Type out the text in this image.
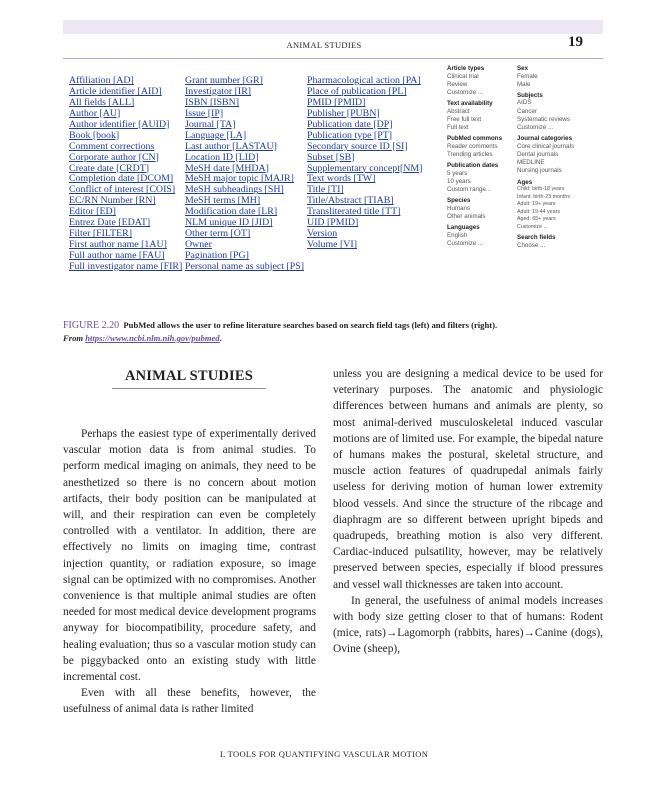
ANIMAL STUDIES	19
Affiliation [AD]	Grant number [GR]	Pharmacological action [PA]
Article identifier [AID]	Investigator [IR]	Place of publication [PL]
All fields [ALL]	ISBN [ISBN]	PMID [PMID]
Author [AU]	Issue [IP]	Publisher [PUBN]
Author identifier [AUID]	Journal [TA]	Publication date [DP]
Book [book]	Language [LA]	Publication type [PT]
Comment corrections	Last author [LASTAU]	Secondary source ID [SI]
Corporate author [CN]	Location ID [LID]	Subset [SB]
Create date [CRDT]	MeSH date [MHDA]	Supplementary concept[NM]
Completion date [DCOM]	MeSH major topic [MAJR]	Text words [TW]
Conflict of interest [COIS] MeSH subheadings [SH]	Title [TI]
EC/RN Number [RN]	MeSH terms [MH]	Title/Abstract [TIAB]
Editor [ED]	Modification date [LR]	Transliterated title [TT]
Entrez Date [EDAT]	NLM unique ID [JID]	UID [PMID]
Filter [FILTER]	Other term [OT]	Version
First author name [1AU]	Owner	Volume [VI]
Full author name [FAU]	Pagination [PG]
Full investigator name [FIR] Personal name as subject [PS]
Article types
Clinical trial
Review
Customize ...
Text availability
Abstract
Free full text
Full text
PubMed commons
Reader comments
Trending articles
Publication dates
5 years
10 years
Custom range...
Species
Humans
Other animals
Languages
English
Customize ...
Sex
Female
Male
Subjects
AIDS
Cancer
Systematic reviews
Customize ...
Journal categories
Core clinical journals
Dental journals
MEDLINE
Nursing journals
Ages
Child: birth-18 years
Infant: birth-23 months
Adult: 19+ years
Adult: 19-44 years
Aged: 65+ years
Customize ...
Search fields
Choose ...
FIGURE 2.20 PubMed allows the user to refine literature searches based on search field tags (left) and filters (right).
From https://www.ncbi.nlm.nih.gov/pubmed.
ANIMAL STUDIES

Perhaps the easiest type of experimentally derived vascular motion data is from animal studies. To perform medical imaging on animals, they need to be anesthetized so there is no concern about motion artifacts, their body position can be manipulated at will, and their respiration can even be completely controlled with a ventilator. In addition, there are effectively no limits on imaging time, contrast injection quantity, or radiation exposure, so image signal can be optimized with no compromises. Another convenience is that multiple animal studies are often needed for most medical device development programs anyway for biocompatibility, procedure safety, and healing evaluation; thus so a vascular motion study can be piggybacked onto an existing study with little incremental cost.

Even with all these benefits, however, the usefulness of animal data is rather limited

unless you are designing a medical device to be used for veterinary purposes. The anatomic and physiologic differences between humans and animals are plenty, so most animal-derived musculoskeletal induced vascular motions are of limited use. For example, the bipedal nature of humans makes the postural, skeletal structure, and muscle action features of quadrupedal animals fairly useless for deriving motion of human lower extremity blood vessels. And since the structure of the ribcage and diaphragm are so different between upright bipeds and quadrupeds, breathing motion is also very different. Cardiac-induced pulsatility, however, may be relatively preserved between species, especially if blood pressures and vessel wall thicknesses are taken into account.

In general, the usefulness of animal models increases with body size getting closer to that of humans: Rodent (mice, rats)→Lagomorph (rabbits, hares)→Canine (dogs), Ovine (sheep),

I. TOOLS FOR QUANTIFYING VASCULAR MOTION
